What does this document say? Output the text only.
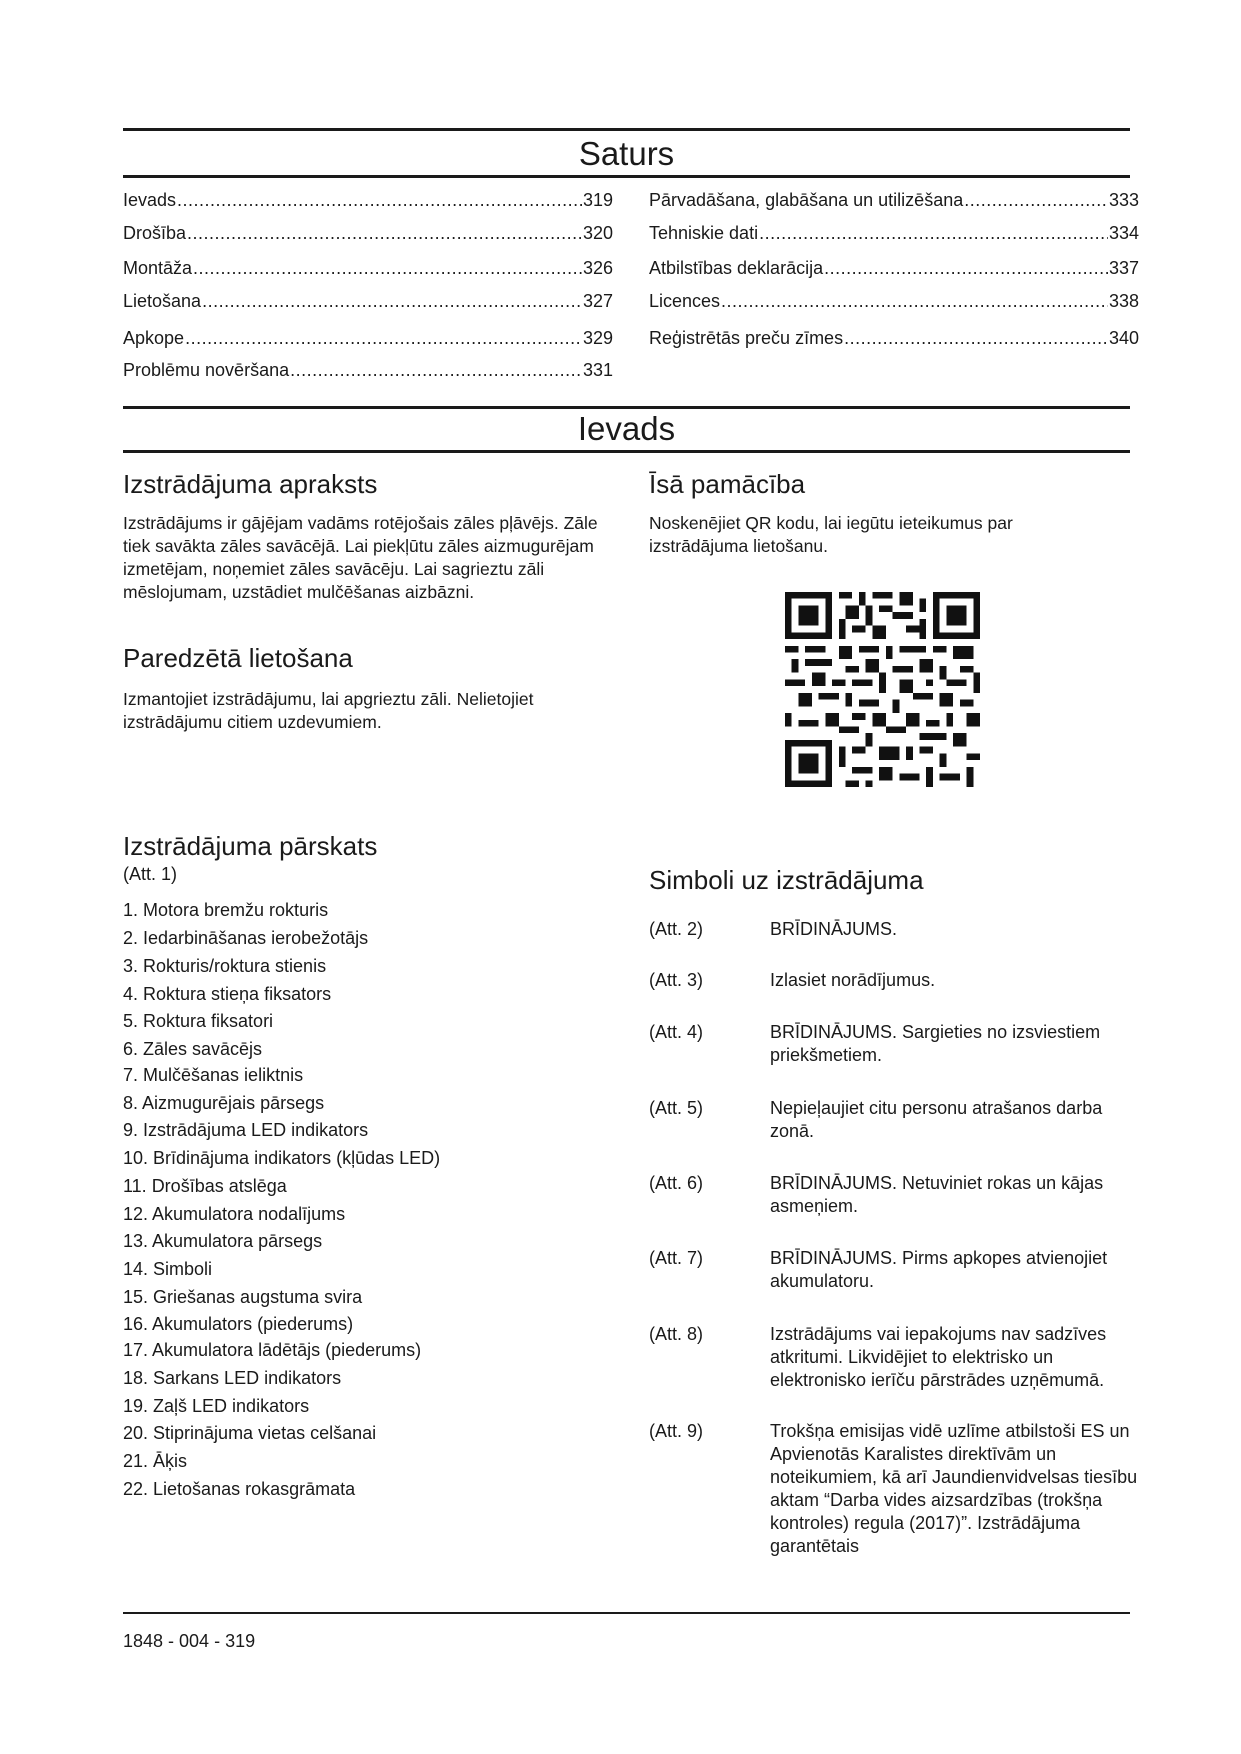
Saturs
Ievads .....	319
Drošība .....	320
Montāža .....	326
Lietošana .....	327
Apkope .....	329
Problēmu novēršana .....	331
Pārvadāšana, glabāšana un utilizēšana .....	333
Tehniskie dati .....	334
Atbilstības deklarācija .....	337
Licences .....	338
Reģistrētās preču zīmes .....	340
Ievads
Izstrādājuma apraksts

Izstrādājums ir gājējam vadāms rotējošais zāles pļāvējs. Zāle tiek savākta zāles savācējā. Lai piekļūtu zāles aizmugurējam izmetējam, noņemiet zāles savācēju. Lai sagrieztu zāli mēslojumam, uzstādiet mulčēšanas aizbāzni.

Paredzētā lietošana

Izmantojiet izstrādājumu, lai apgrieztu zāli. Nelietojiet izstrādājumu citiem uzdevumiem.

Īsā pamācība

Noskenējiet QR kodu, lai iegūtu ieteikumus par izstrādājuma lietošanu.

Izstrādājuma pārskats
(Att. 1)
1. Motora bremžu rokturis
2. Iedarbināšanas ierobežotājs
3. Rokturis/roktura stienis
4. Roktura stieņa fiksators
5. Roktura fiksatori
6. Zāles savācējs
7. Mulčēšanas ieliktnis
8. Aizmugurējais pārsegs
9. Izstrādājuma LED indikators
10. Brīdinājuma indikators (kļūdas LED)
11. Drošības atslēga
12. Akumulatora nodalījums
13. Akumulatora pārsegs
14. Simboli
15. Griešanas augstuma svira
16. Akumulators (piederums)
17. Akumulatora lādētājs (piederums)
18. Sarkans LED indikators
19. Zaļš LED indikators
20. Stiprinājuma vietas celšanai
21. Āķis
22. Lietošanas rokasgrāmata
Simboli uz izstrādājuma
(Att. 2)	BRĪDINĀJUMS.
(Att. 3)	Izlasiet norādījumus.
(Att. 4)	BRĪDINĀJUMS. Sargieties no izsviestiem priekšmetiem.
(Att. 5)	Nepieļaujiet citu personu atrašanos darba zonā.
(Att. 6)	BRĪDINĀJUMS. Netuviniet rokas un kājas asmeņiem.
(Att. 7)	BRĪDINĀJUMS. Pirms apkopes atvienojiet akumulatoru.
(Att. 8)	Izstrādājums vai iepakojums nav sadzīves atkritumi. Likvidējiet to elektrisko un elektronisko ierīču pārstrādes uzņēmumā.
(Att. 9)	Trokšņa emisijas vidē uzlīme atbilstoši ES un Apvienotās Karalistes direktīvām un noteikumiem, kā arī Jaundienvidvelsas tiesību aktam “Darba vides aizsardzības (trokšņa kontroles) regula (2017)”. Izstrādājuma garantētais
1848 - 004 - 319
